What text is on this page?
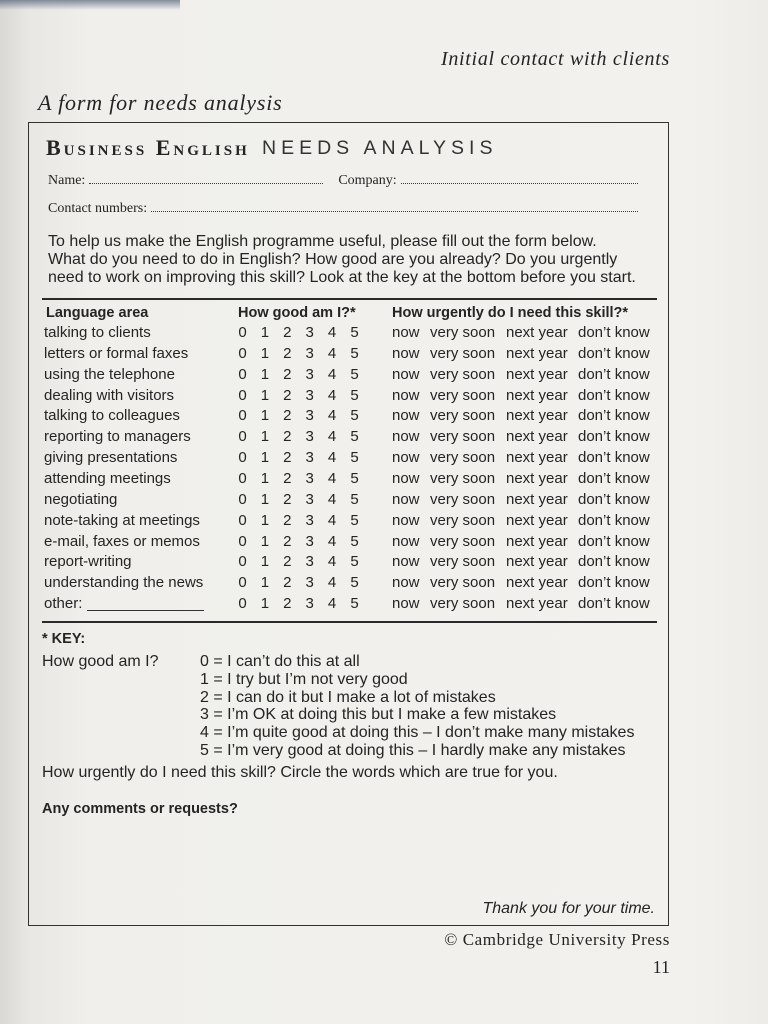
Initial contact with clients
A form for needs analysis
Business English NEEDS ANALYSIS
Name:	Company:
Contact numbers:
To help us make the English programme useful, please fill out the form below.
What do you need to do in English? How good are you already? Do you urgently
need to work on improving this skill? Look at the key at the bottom before you start.
Language area	How good am I?*	How urgently do I need this skill?*
talking to clients	0 1 2 3 4 5	now very soon next year don’t know
letters or formal faxes	0 1 2 3 4 5	now very soon next year don’t know
using the telephone	0 1 2 3 4 5	now very soon next year don’t know
dealing with visitors	0 1 2 3 4 5	now very soon next year don’t know
talking to colleagues	0 1 2 3 4 5	now very soon next year don’t know
reporting to managers	0 1 2 3 4 5	now very soon next year don’t know
giving presentations	0 1 2 3 4 5	now very soon next year don’t know
attending meetings	0 1 2 3 4 5	now very soon next year don’t know
negotiating	0 1 2 3 4 5	now very soon next year don’t know
note-taking at meetings	0 1 2 3 4 5	now very soon next year don’t know
e-mail, faxes or memos	0 1 2 3 4 5	now very soon next year don’t know
report-writing	0 1 2 3 4 5	now very soon next year don’t know
understanding the news	0 1 2 3 4 5	now very soon next year don’t know
other:	0 1 2 3 4 5	now very soon next year don’t know
* KEY:
How good am I?	0 = I can’t do this at all
1 = I try but I’m not very good
2 = I can do it but I make a lot of mistakes
3 = I’m OK at doing this but I make a few mistakes
4 = I’m quite good at doing this – I don’t make many mistakes
5 = I’m very good at doing this – I hardly make any mistakes
How urgently do I need this skill? Circle the words which are true for you.
Any comments or requests?
Thank you for your time.
© Cambridge University Press
11
